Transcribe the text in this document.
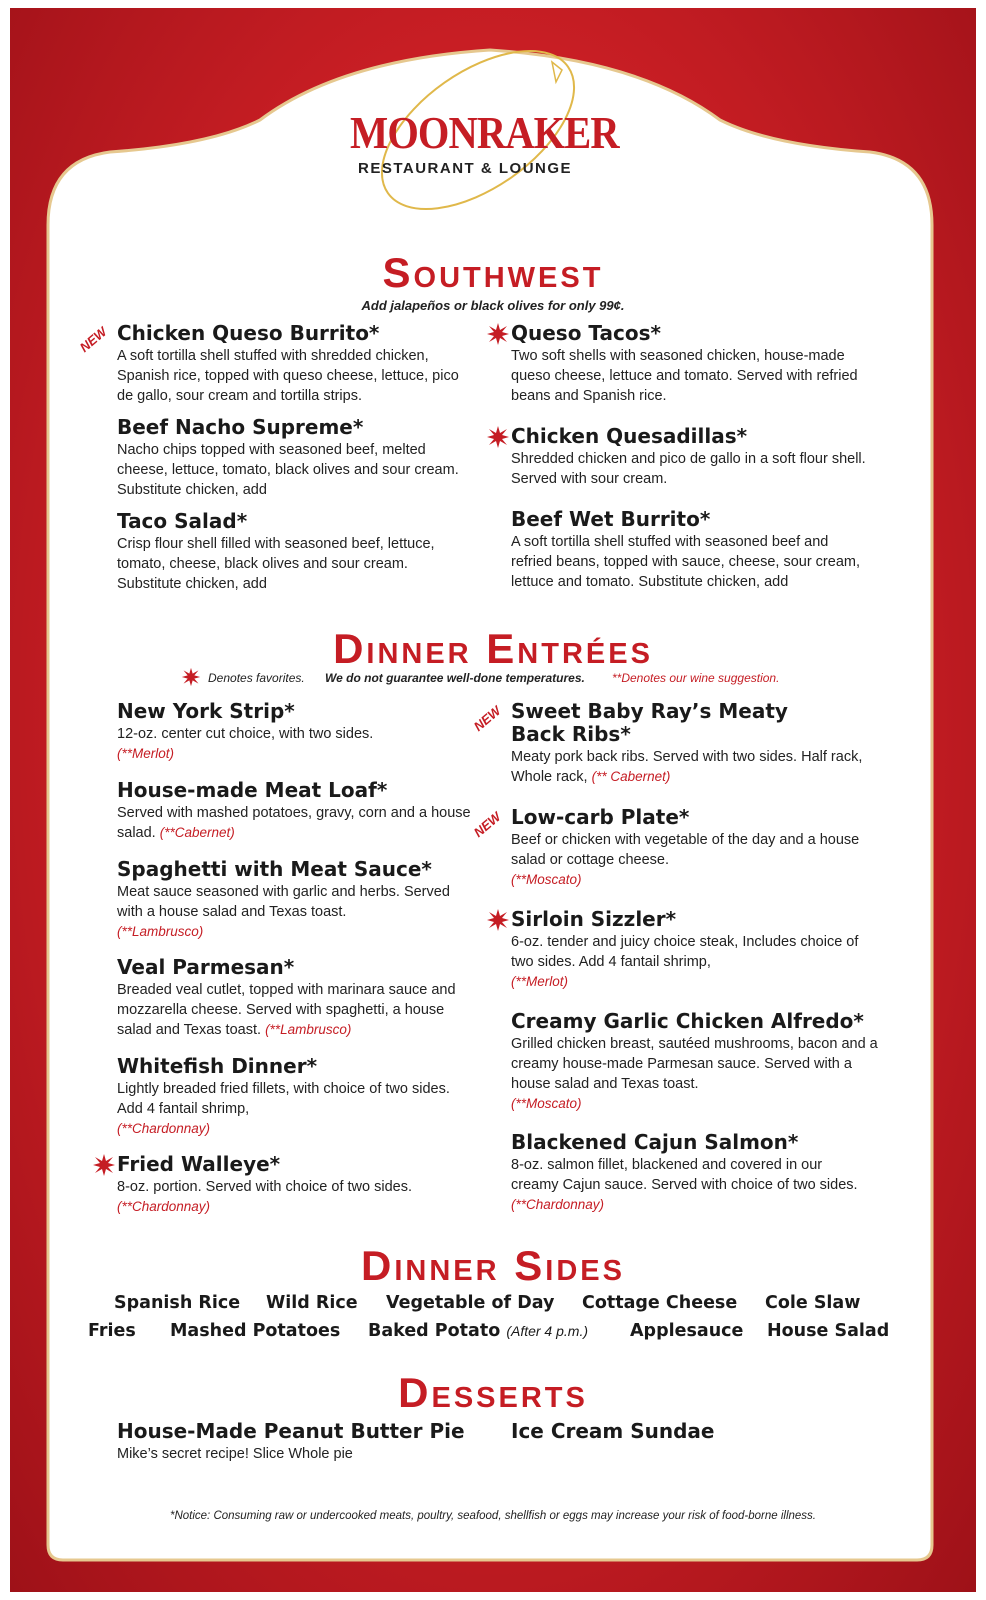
MOONRAKER
RESTAURANT & LOUNGE
Southwest
Add jalapeños or black olives for only 99¢.
NEW Chicken Queso Burrito*
A soft tortilla shell stuffed with shredded chicken, Spanish rice, topped with queso cheese, lettuce, pico de gallo, sour cream and tortilla strips.
Beef Nacho Supreme*
Nacho chips topped with seasoned beef, melted cheese, lettuce, tomato, black olives and sour cream. Substitute chicken, add
Taco Salad*
Crisp flour shell filled with seasoned beef, lettuce, tomato, cheese, black olives and sour cream. Substitute chicken, add
Queso Tacos*
Two soft shells with seasoned chicken, house-made queso cheese, lettuce and tomato. Served with refried beans and Spanish rice.
Chicken Quesadillas*
Shredded chicken and pico de gallo in a soft flour shell. Served with sour cream.
Beef Wet Burrito*
A soft tortilla shell stuffed with seasoned beef and refried beans, topped with sauce, cheese, sour cream, lettuce and tomato. Substitute chicken, add
Dinner Entrées
Denotes favorites. We do not guarantee well-done temperatures. **Denotes our wine suggestion.
New York Strip*
12-oz. center cut choice, with two sides.
(**Merlot)
House-made Meat Loaf*
Served with mashed potatoes, gravy, corn and a house salad. (**Cabernet)
Spaghetti with Meat Sauce*
Meat sauce seasoned with garlic and herbs. Served with a house salad and Texas toast.
(**Lambrusco)
Veal Parmesan*
Breaded veal cutlet, topped with marinara sauce and mozzarella cheese. Served with spaghetti, a house salad and Texas toast. (**Lambrusco)
Whitefish Dinner*
Lightly breaded fried fillets, with choice of two sides. Add 4 fantail shrimp,
(**Chardonnay)
Fried Walleye*
8-oz. portion. Served with choice of two sides.
(**Chardonnay)
NEW Sweet Baby Ray’s Meaty
Back Ribs*
Meaty pork back ribs. Served with two sides. Half rack, Whole rack, (** Cabernet)
NEW Low-carb Plate*
Beef or chicken with vegetable of the day and a house salad or cottage cheese.
(**Moscato)
Sirloin Sizzler*
6-oz. tender and juicy choice steak, Includes choice of two sides. Add 4 fantail shrimp,
(**Merlot)
Creamy Garlic Chicken Alfredo*
Grilled chicken breast, sautéed mushrooms, bacon and a creamy house-made Parmesan sauce. Served with a house salad and Texas toast.
(**Moscato)
Blackened Cajun Salmon*
8-oz. salmon fillet, blackened and covered in our creamy Cajun sauce. Served with choice of two sides. (**Chardonnay)
Dinner Sides
Spanish Rice Wild Rice Vegetable of Day Cottage Cheese Cole Slaw
Fries Mashed Potatoes Baked Potato (After 4 p.m.) Applesauce House Salad
Desserts
House-Made Peanut Butter Pie
Mike’s secret recipe! Slice Whole pie
Ice Cream Sundae
*Notice: Consuming raw or undercooked meats, poultry, seafood, shellfish or eggs may increase your risk of food-borne illness.
